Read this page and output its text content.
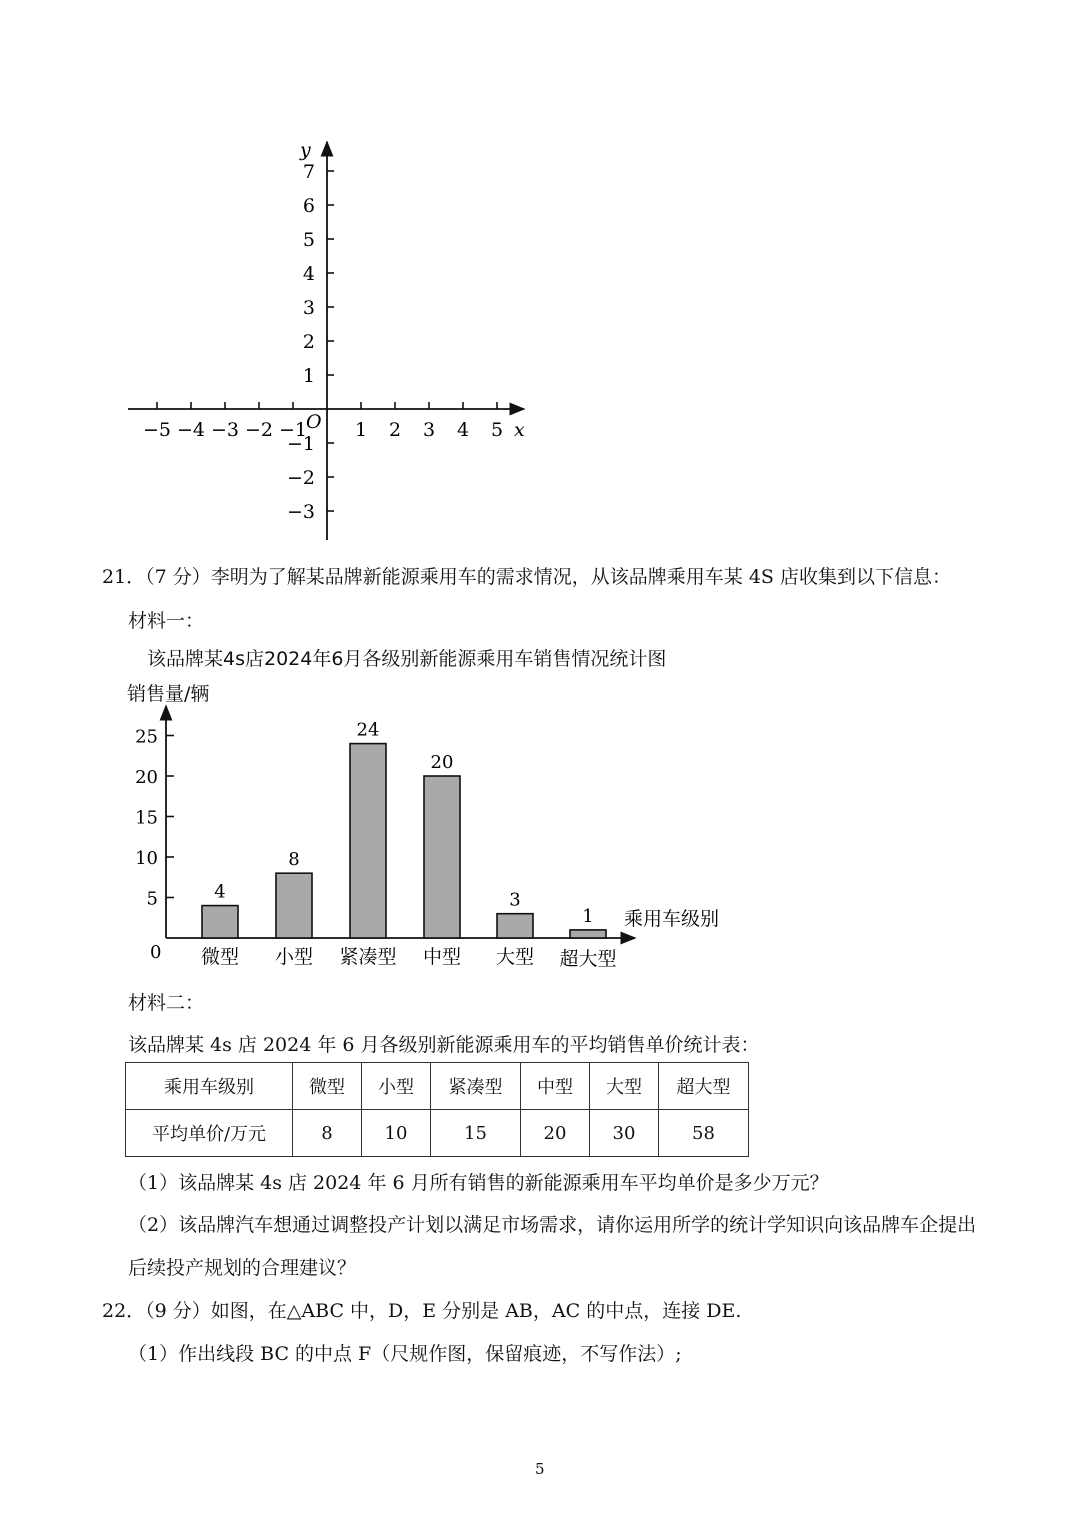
−5 −4 −3 −2 −1	1 2 3 4 5
7
6
5
4
3
2
1
−1
−2
−3
x
y
O
21．（7 分）李明为了解某品牌新能源乘用车的需求情况，从该品牌乘用车某 4S 店收集到以下信息：
材料一：
该品牌某4s店2024年6月各级别新能源乘用车销售情况统计图
销售量/辆
5
10
15
20
25
4
微型
8
小型
24
紧凑型
20
中型
3
大型
1
超大型
0
乘用车级别
材料二：
该品牌某 4s 店 2024 年 6 月各级别新能源乘用车的平均销售单价统计表：
乘用车级别	微型	小型	紧凑型	中型	大型	超大型
平均单价/万元	8	10	15	20	30	58
（1）该品牌某 4s 店 2024 年 6 月所有销售的新能源乘用车平均单价是多少万元？
（2）该品牌汽车想通过调整投产计划以满足市场需求，请你运用所学的统计学知识向该品牌车企提出
后续投产规划的合理建议？
22．（9 分）如图，在△ABC 中，D，E 分别是 AB，AC 的中点，连接 DE.
（1）作出线段 BC 的中点 F（尺规作图，保留痕迹，不写作法）;
5
